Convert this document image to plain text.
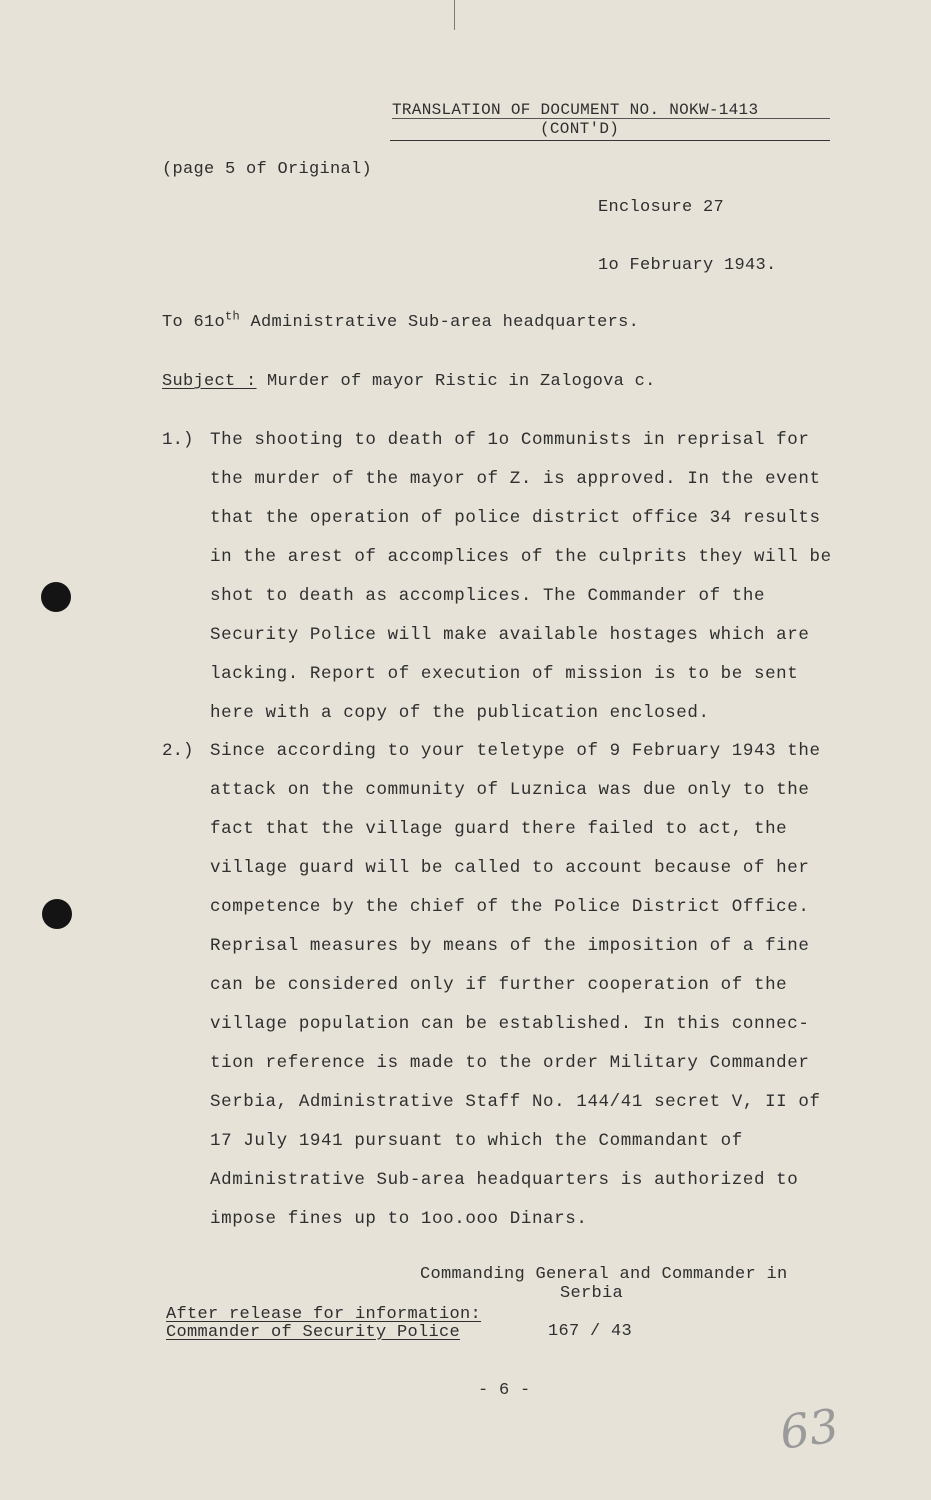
TRANSLATION OF DOCUMENT NO. NOKW-1413
(CONT'D)
(page 5 of Original)
Enclosure 27
1o February 1943.
To $61o^{th}$ Administrative Sub-area headquarters.
Subject : Murder of mayor Ristic in Zalogova c.
1.) The shooting to death of 1o Communists in reprisal for the murder of the mayor of Z. is approved. In the event that the operation of police district office 34 results in the arest of accomplices of the culprits they will be shot to death as accomplices. The Commander of the Security Police will make available hostages which are lacking. Report of execution of mission is to be sent here with a copy of the publication enclosed.
2.) Since according to your teletype of 9 February 1943 the attack on the community of Luznica was due only to the fact that the village guard there failed to act, the village guard will be called to account because of her competence by the chief of the Police District Office. Reprisal measures by means of the imposition of a fine can be considered only if further cooperation of the village population can be established. In this connec-tion reference is made to the order Military Commander Serbia, Administrative Staff No. 144/41 secret V, II of 17 July 1941 pursuant to which the Commandant of Administrative Sub-area headquarters is authorized to impose fines up to 1oo.ooo Dinars.
Commanding General and Commander in
Serbia
After release for information:
Commander of Security Police	167 / 43
- 6 -
63
